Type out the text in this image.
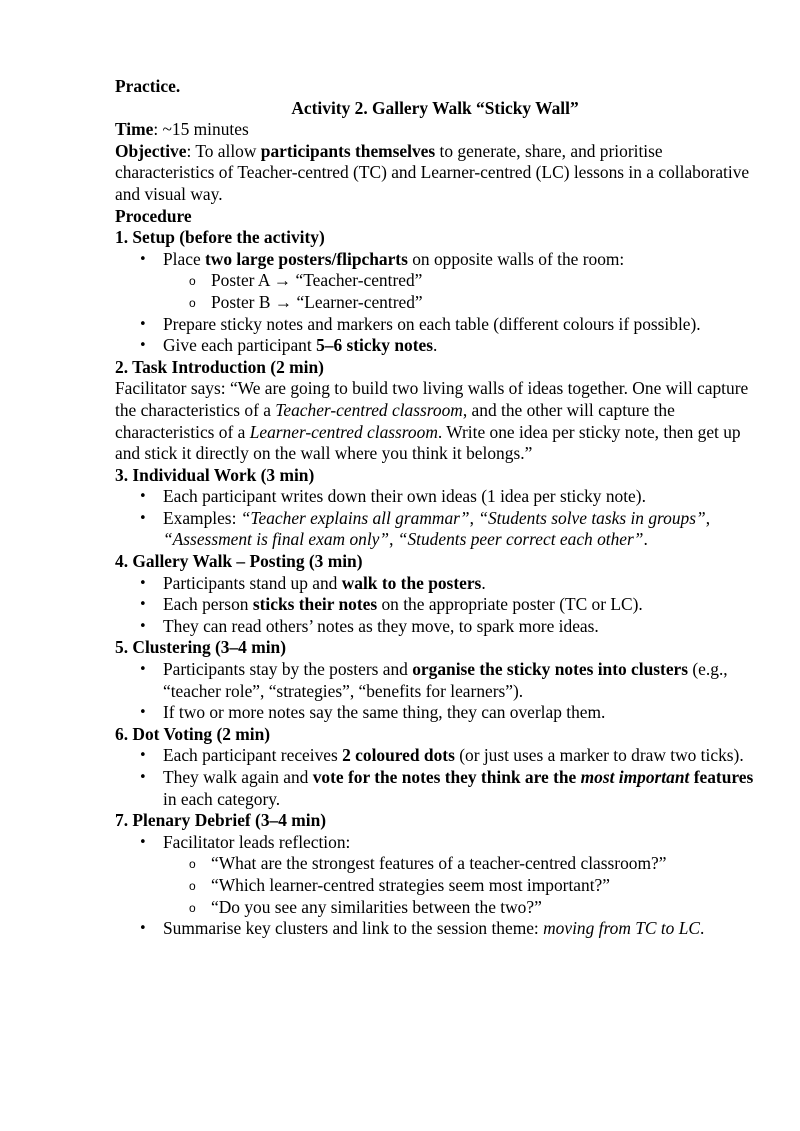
Practice.

Activity 2. Gallery Walk “Sticky Wall”

Time: ~15 minutes

Objective: To allow participants themselves to generate, share, and prioritise characteristics of Teacher-centred (TC) and Learner-centred (LC) lessons in a collaborative and visual way.

Procedure

1. Setup (before the activity)

• Place two large posters/flipcharts on opposite walls of the room:
o Poster A → “Teacher-centred”
o Poster B → “Learner-centred”
• Prepare sticky notes and markers on each table (different colours if possible).
• Give each participant 5–6 sticky notes.

2. Task Introduction (2 min)

Facilitator says: “We are going to build two living walls of ideas together. One will capture the characteristics of a Teacher-centred classroom, and the other will capture the characteristics of a Learner-centred classroom. Write one idea per sticky note, then get up and stick it directly on the wall where you think it belongs.”

3. Individual Work (3 min)

• Each participant writes down their own ideas (1 idea per sticky note).
• Examples: “Teacher explains all grammar”, “Students solve tasks in groups”, “Assessment is final exam only”, “Students peer correct each other”.

4. Gallery Walk – Posting (3 min)

• Participants stand up and walk to the posters.
• Each person sticks their notes on the appropriate poster (TC or LC).
• They can read others’ notes as they move, to spark more ideas.

5. Clustering (3–4 min)

• Participants stay by the posters and organise the sticky notes into clusters (e.g., “teacher role”, “strategies”, “benefits for learners”).
• If two or more notes say the same thing, they can overlap them.

6. Dot Voting (2 min)

• Each participant receives 2 coloured dots (or just uses a marker to draw two ticks).
• They walk again and vote for the notes they think are the most important features in each category.

7. Plenary Debrief (3–4 min)

• Facilitator leads reflection:
o “What are the strongest features of a teacher-centred classroom?”
o “Which learner-centred strategies seem most important?”
o “Do you see any similarities between the two?”
• Summarise key clusters and link to the session theme: moving from TC to LC.
